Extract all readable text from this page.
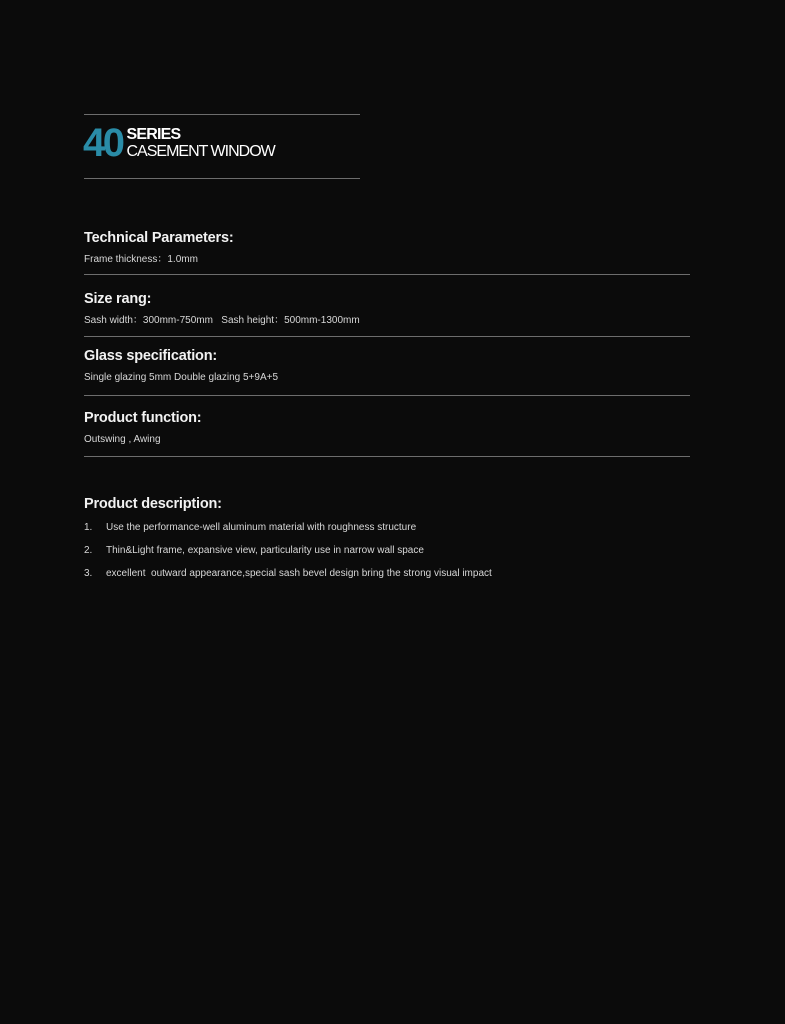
40 SERIES
CASEMENT WINDOW
Technical Parameters:
Frame thickness：1.0mm
Size rang:
Sash width：300mm-750mm   Sash height：500mm-1300mm
Glass specification:
Single glazing 5mm Double glazing 5+9A+5
Product function:
Outswing , Awing
Product description:
1.	Use the performance-well aluminum material with roughness structure
2.	Thin&Light frame, expansive view, particularity use in narrow wall space
3.	excellent  outward appearance,special sash bevel design bring the strong visual impact
